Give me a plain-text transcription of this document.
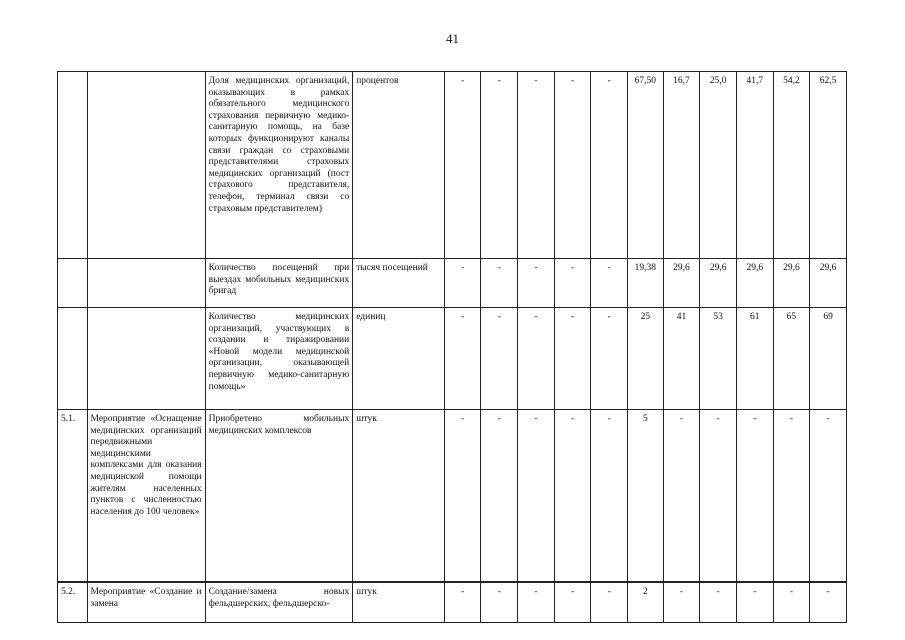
41
		Доля медицинских организаций, оказывающих в рамках обязательного медицинского страхования первичную медико-санитарную помощь, на базе которых функционируют каналы связи граждан со страховыми представителями страховых медицинских организаций (пост страхового представителя, телефон, терминал связи со страховым представителем)	процентов	-	-	-	-	-	67,50	16,7	25,0	41,7	54,2	62,5
		Количество посещений при выездах мобильных медицинских бригад	тысяч посещений	-	-	-	-	-	19,38	29,6	29,6	29,6	29,6	29,6
		Количество медицинских организаций, участвующих в создании и тиражировании «Новой модели медицинской организации, оказывающей первичную медико-санитарную помощь»	единиц	-	-	-	-	-	25	41	53	61	65	69
5.1.	Мероприятие «Оснащение медицинских организаций передвижными медицинскими комплексами для оказания медицинской помощи жителям населенных пунктов с численностью населения до 100 человек»	Приобретено мобильных медицинских комплексов	штук	-	-	-	-	-	5	-	-	-	-	-
5.2.	Мероприятие «Создание и замена	Создание/замена новых фельдшерских, фельдшерско-	штук	-	-	-	-	-	2	-	-	-	-	-
